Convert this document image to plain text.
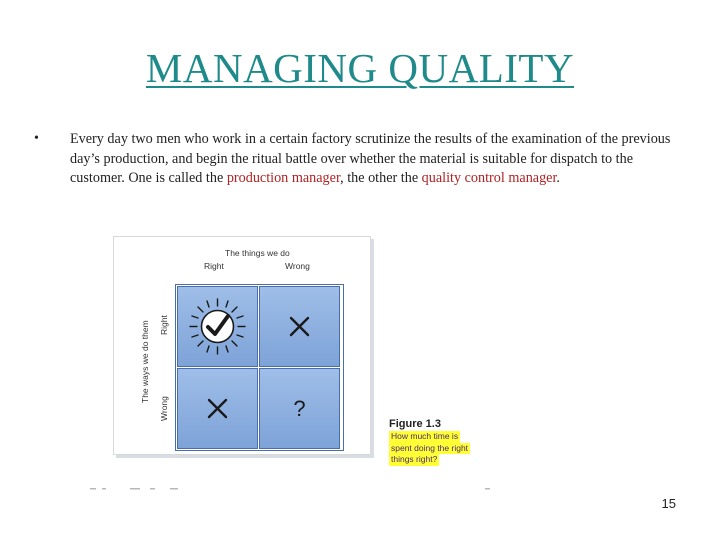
MANAGING QUALITY
• Every day two men who work in a certain factory scrutinize the results of the examination of the previous day’s production, and begin the ritual battle over whether the material is suitable for dispatch to the customer. One is called the production manager, the other the quality control manager.
The things we do
Right	Wrong
The ways we do them Right
Wrong	?
Figure 1.3
How much time is
spent doing the right
things right?
15
